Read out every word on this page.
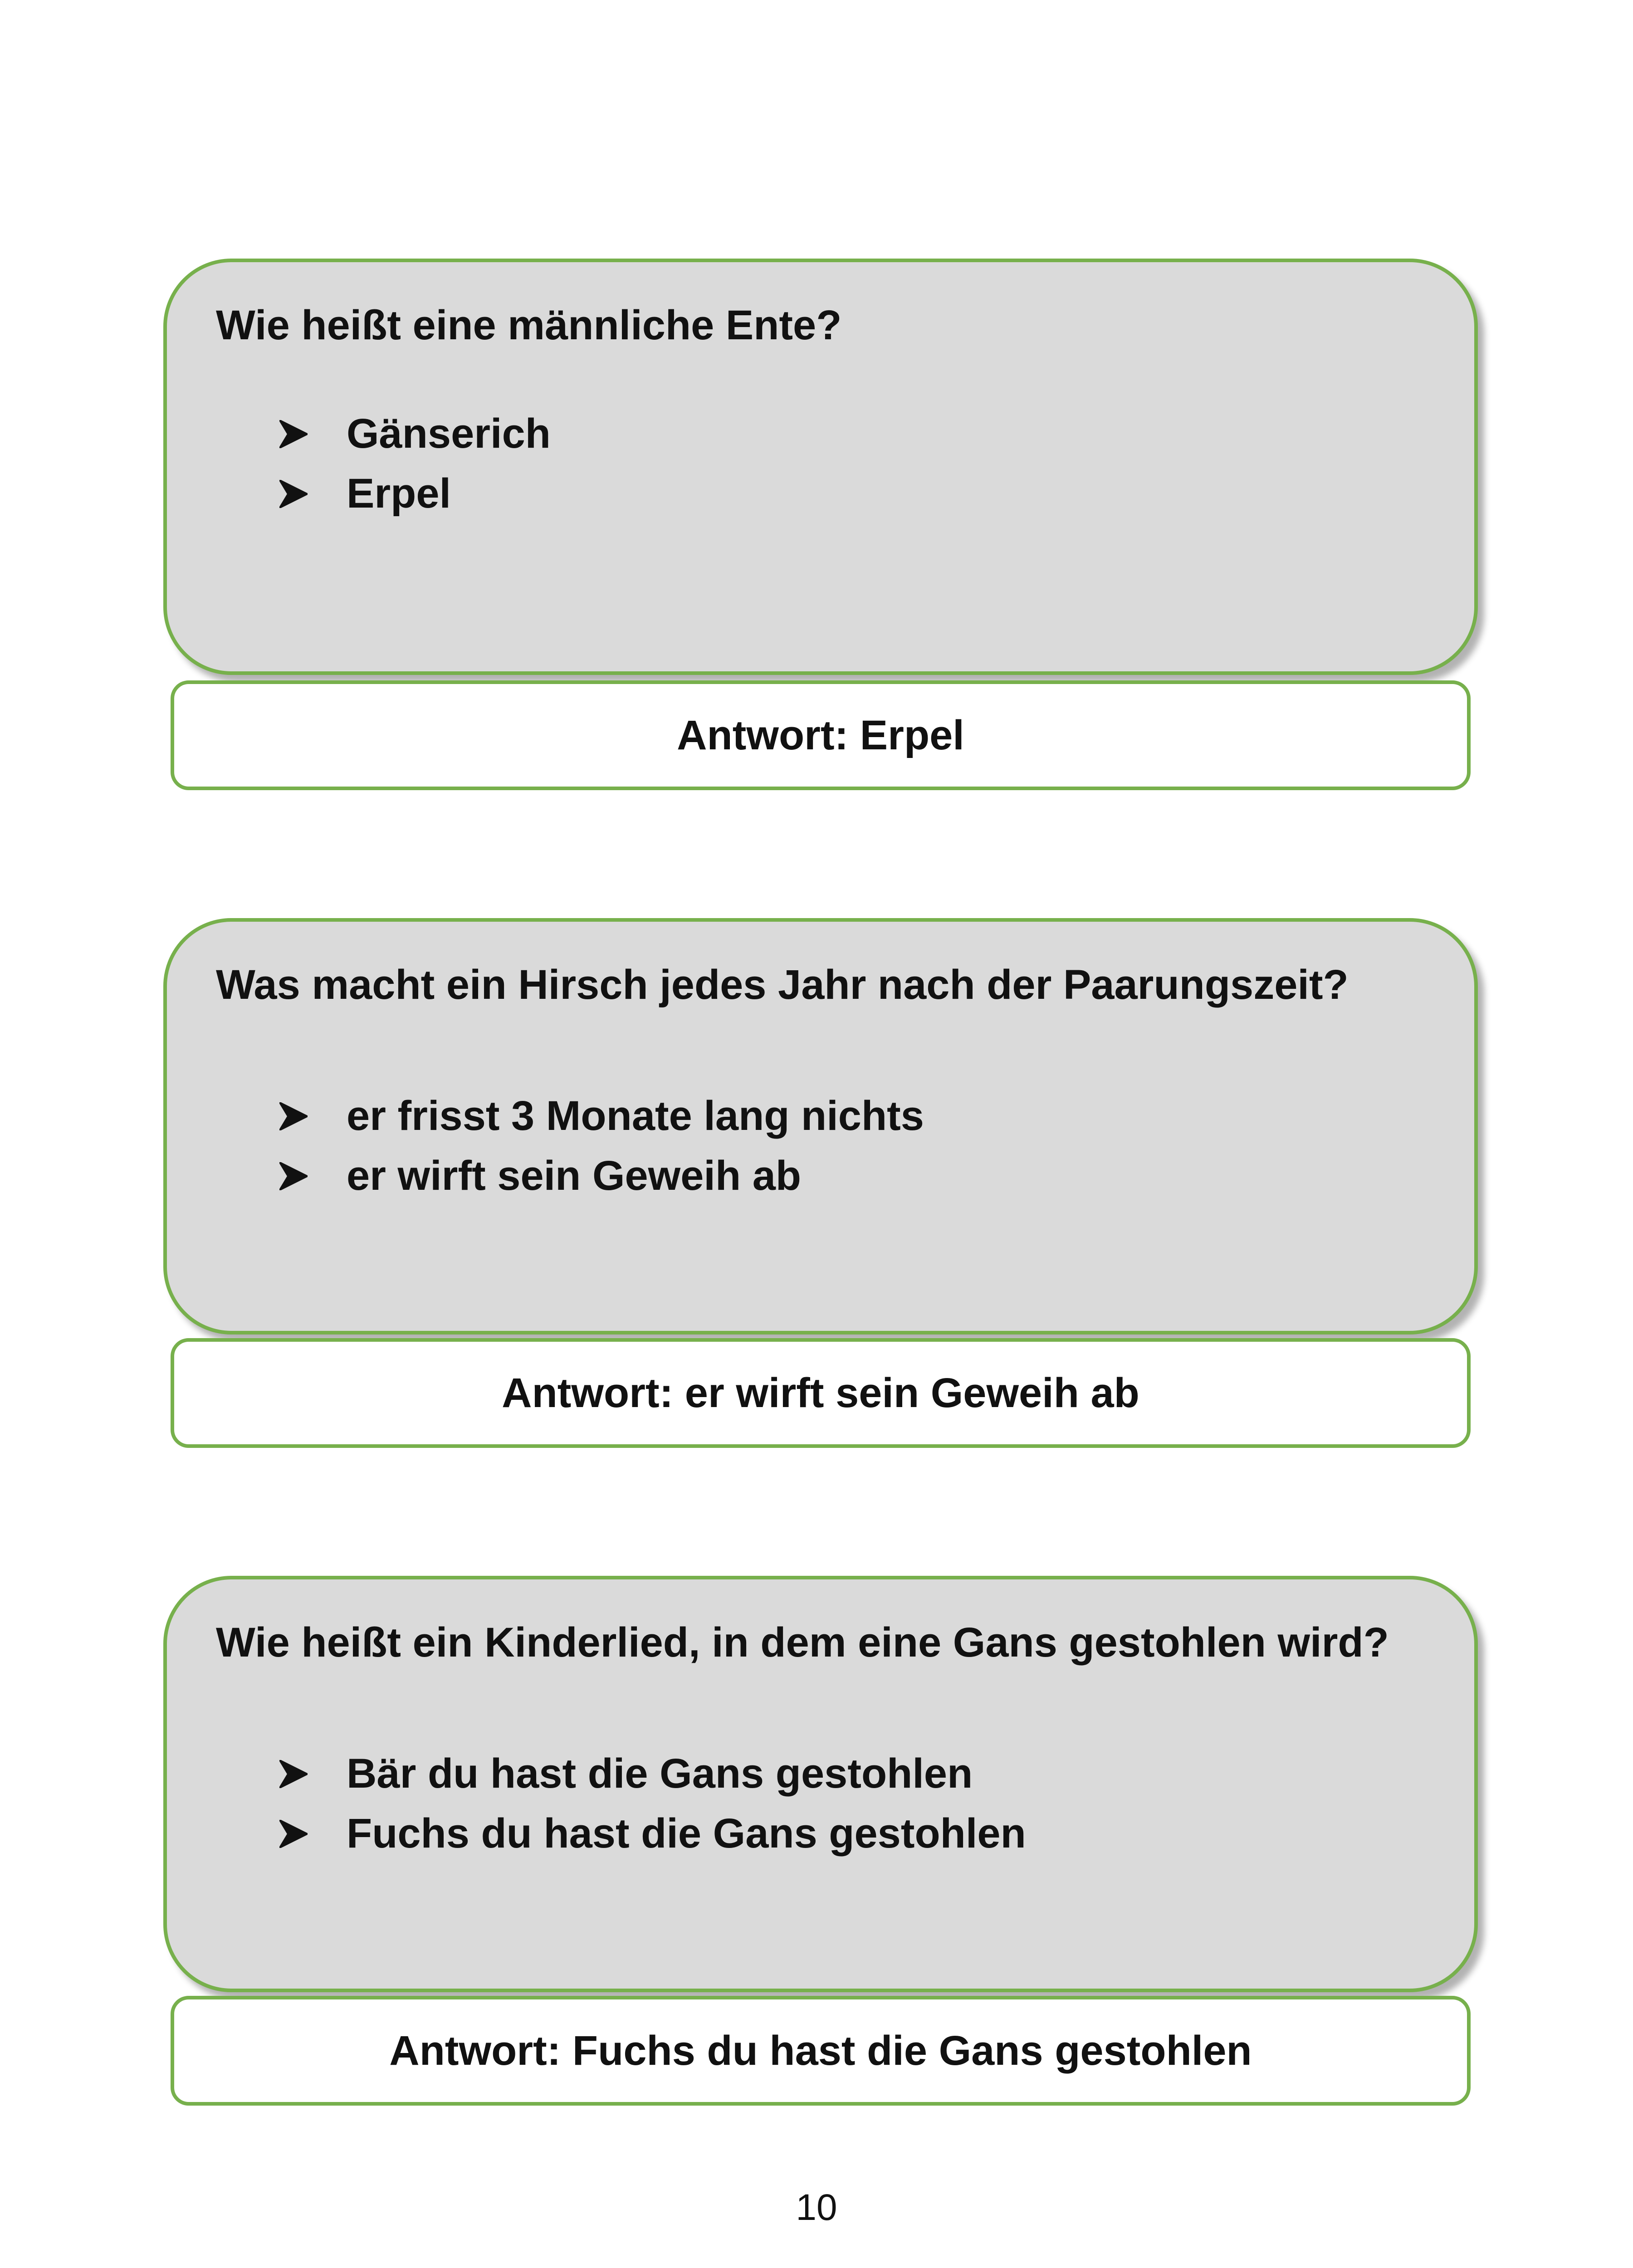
Wie heißt eine männliche Ente?

Gänserich
Erpel
Antwort: Erpel

Was macht ein Hirsch jedes Jahr nach der Paarungszeit?

er frisst 3 Monate lang nichts
er wirft sein Geweih ab
Antwort: er wirft sein Geweih ab

Wie heißt ein Kinderlied, in dem eine Gans gestohlen wird?

Bär du hast die Gans gestohlen
Fuchs du hast die Gans gestohlen
Antwort: Fuchs du hast die Gans gestohlen
10
